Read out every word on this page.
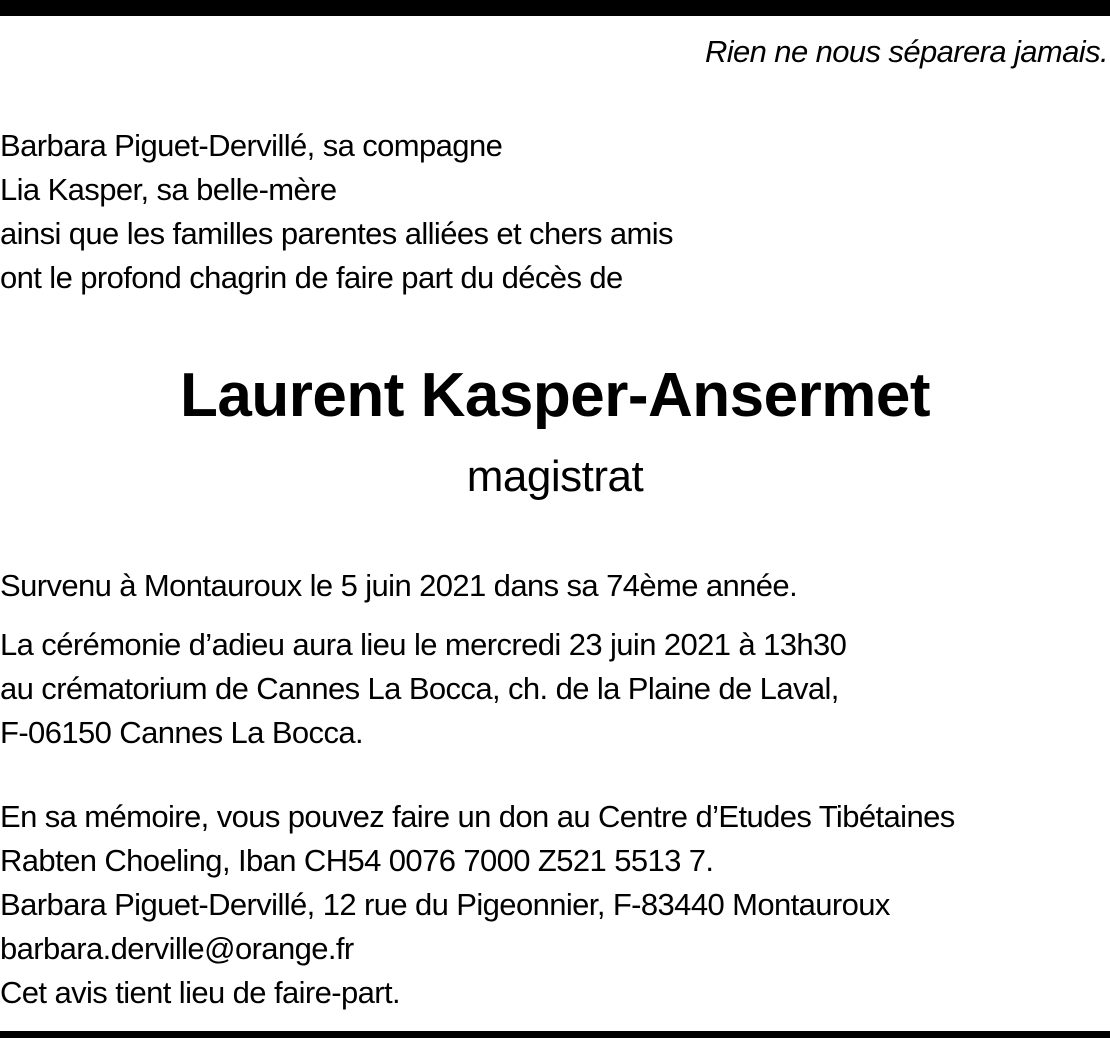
Rien ne nous séparera jamais.
Barbara Piguet-Dervillé, sa compagne
Lia Kasper, sa belle-mère
ainsi que les familles parentes alliées et chers amis
ont le profond chagrin de faire part du décès de
Laurent Kasper-Ansermet
magistrat
Survenu à Montauroux le 5 juin 2021 dans sa 74ème année.
La cérémonie d’adieu aura lieu le mercredi 23 juin 2021 à 13h30
au crématorium de Cannes La Bocca, ch. de la Plaine de Laval,
F-06150 Cannes La Bocca.
En sa mémoire, vous pouvez faire un don au Centre d’Etudes Tibétaines
Rabten Choeling, Iban CH54 0076 7000 Z521 5513 7.
Barbara Piguet-Dervillé, 12 rue du Pigeonnier, F-83440 Montauroux
barbara.derville@orange.fr
Cet avis tient lieu de faire-part.
